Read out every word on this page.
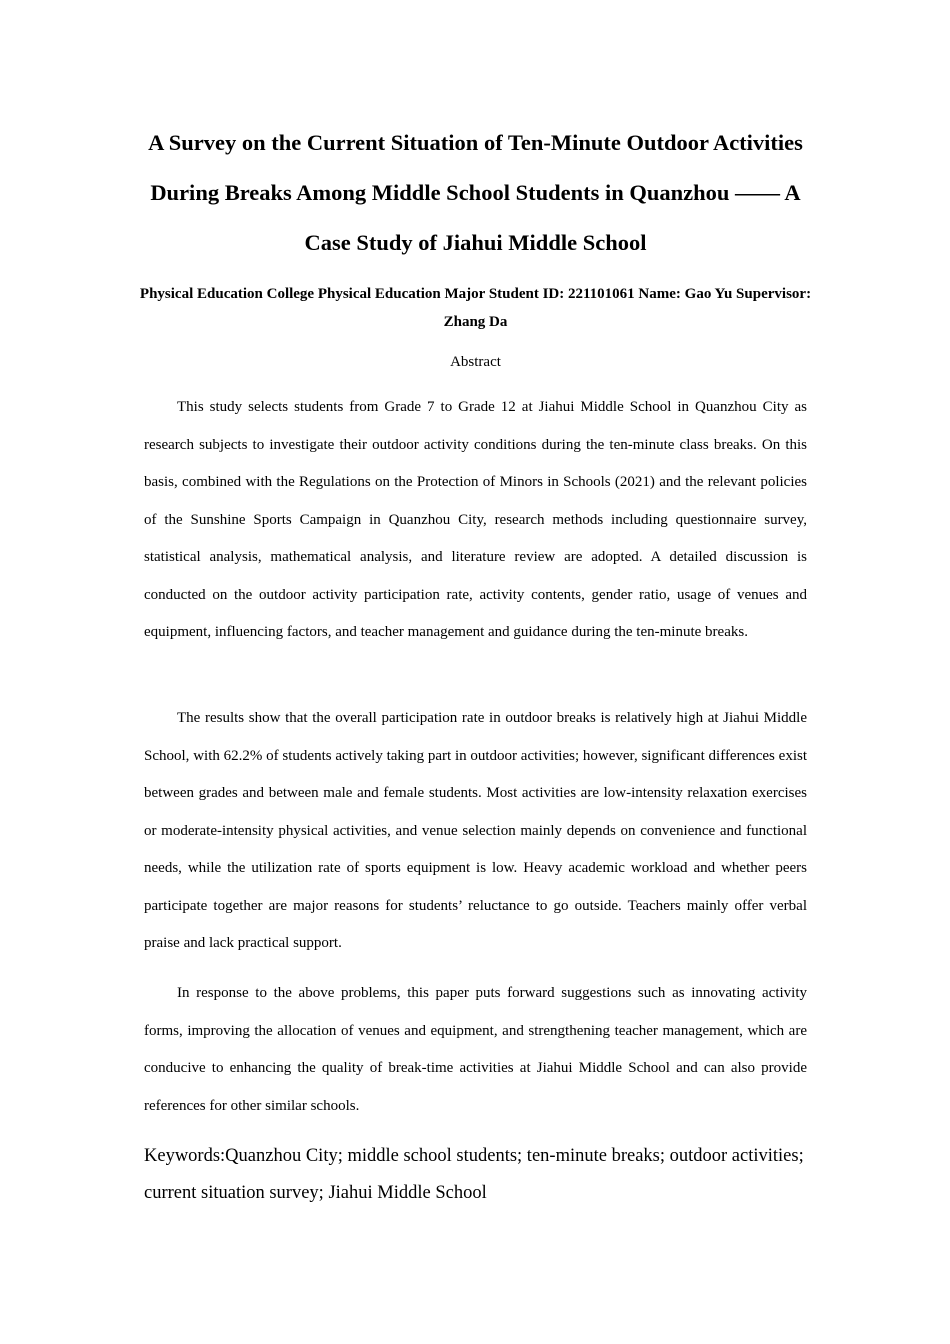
A Survey on the Current Situation of Ten-Minute Outdoor Activities During Breaks Among Middle School Students in Quanzhou —— A Case Study of Jiahui Middle School

Physical Education College Physical Education Major Student ID: 221101061 Name: Gao Yu Supervisor: Zhang Da

Abstract

This study selects students from Grade 7 to Grade 12 at Jiahui Middle School in Quanzhou City as research subjects to investigate their outdoor activity conditions during the ten-minute class breaks. On this basis, combined with the Regulations on the Protection of Minors in Schools (2021) and the relevant policies of the Sunshine Sports Campaign in Quanzhou City, research methods including questionnaire survey, statistical analysis, mathematical analysis, and literature review are adopted. A detailed discussion is conducted on the outdoor activity participation rate, activity contents, gender ratio, usage of venues and equipment, influencing factors, and teacher management and guidance during the ten-minute breaks.

The results show that the overall participation rate in outdoor breaks is relatively high at Jiahui Middle School, with 62.2% of students actively taking part in outdoor activities; however, significant differences exist between grades and between male and female students. Most activities are low-intensity relaxation exercises or moderate-intensity physical activities, and venue selection mainly depends on convenience and functional needs, while the utilization rate of sports equipment is low. Heavy academic workload and whether peers participate together are major reasons for students’ reluctance to go outside. Teachers mainly offer verbal praise and lack practical support.

In response to the above problems, this paper puts forward suggestions such as innovating activity forms, improving the allocation of venues and equipment, and strengthening teacher management, which are conducive to enhancing the quality of break-time activities at Jiahui Middle School and can also provide references for other similar schools.

Keywords:Quanzhou City; middle school students; ten-minute breaks; outdoor activities; current situation survey; Jiahui Middle School
